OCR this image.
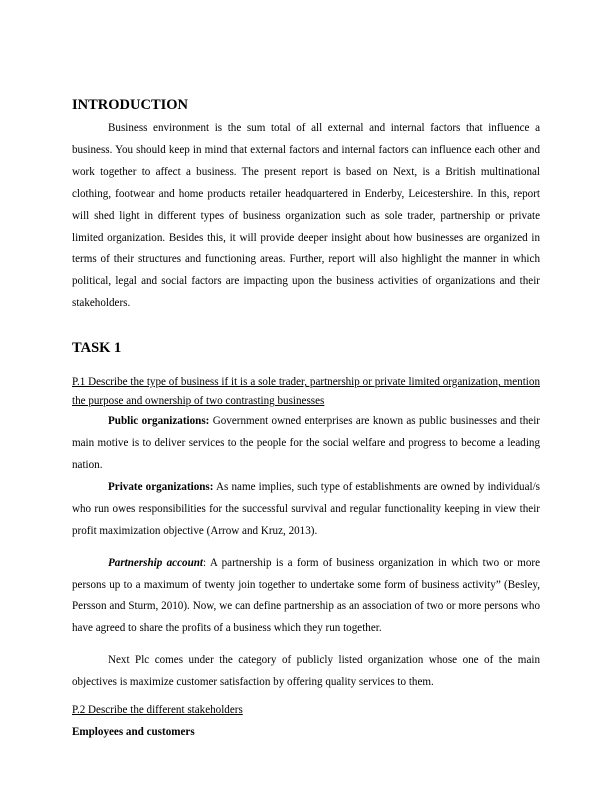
INTRODUCTION

Business environment is the sum total of all external and internal factors that influence a business. You should keep in mind that external factors and internal factors can influence each other and work together to affect a business. The present report is based on Next, is a British multinational clothing, footwear and home products retailer headquartered in Enderby, Leicestershire. In this, report will shed light in different types of business organization such as sole trader, partnership or private limited organization. Besides this, it will provide deeper insight about how businesses are organized in terms of their structures and functioning areas. Further, report will also highlight the manner in which political, legal and social factors are impacting upon the business activities of organizations and their stakeholders.

TASK 1

P.1 Describe the type of business if it is a sole trader, partnership or private limited organization, mention the purpose and ownership of two contrasting businesses

Public organizations: Government owned enterprises are known as public businesses and their main motive is to deliver services to the people for the social welfare and progress to become a leading nation.

Private organizations: As name implies, such type of establishments are owned by individual/s who run owes responsibilities for the successful survival and regular functionality keeping in view their profit maximization objective (Arrow and Kruz, 2013).

Partnership account: A partnership is a form of business organization in which two or more persons up to a maximum of twenty join together to undertake some form of business activity” (Besley, Persson and Sturm, 2010). Now, we can define partnership as an association of two or more persons who have agreed to share the profits of a business which they run together.

Next Plc comes under the category of publicly listed organization whose one of the main objectives is maximize customer satisfaction by offering quality services to them.

P.2 Describe the different stakeholders

Employees and customers
